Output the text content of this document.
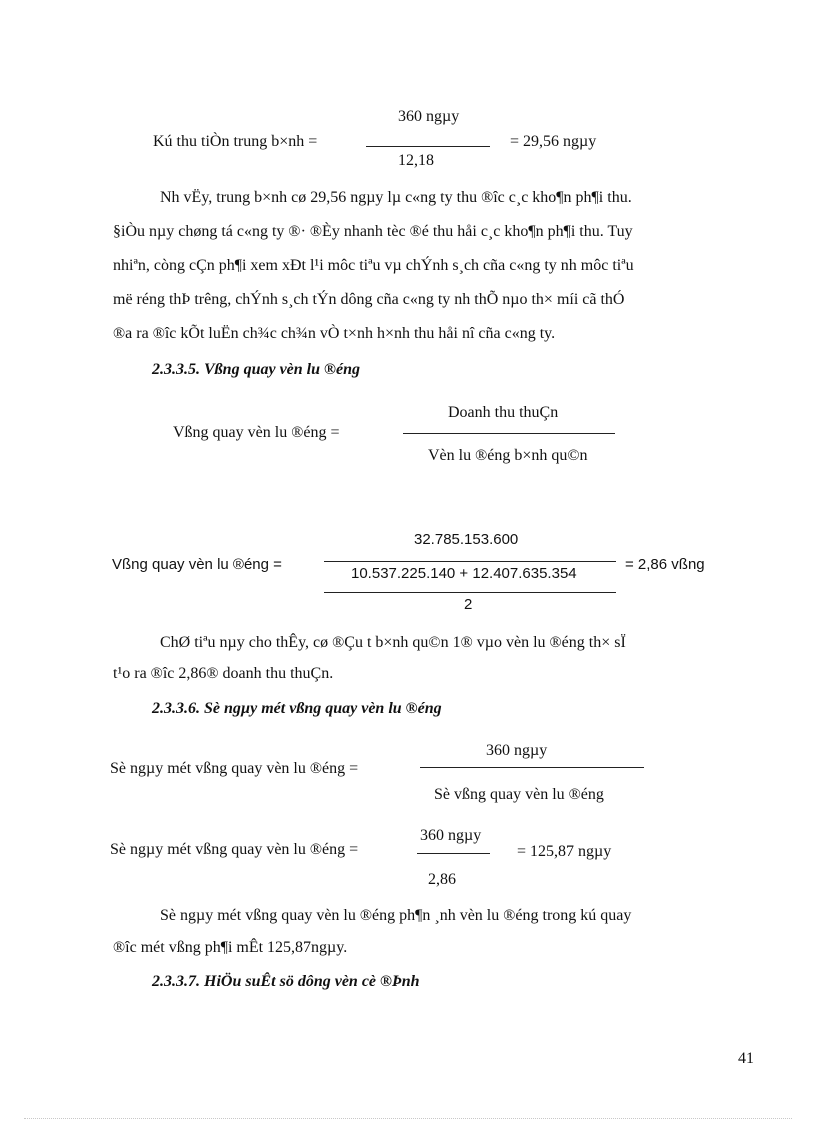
360 ngµy
Kú thu tiÒn trung b×nh =	= 29,56 ngµy
12,18
Nh vËy, trung b×nh cø 29,56 ngµy lµ c«ng ty thu ®îc c¸c kho¶n ph¶i thu.
§iÒu nµy chøng tá c«ng ty ®· ®Èy nhanh tèc ®é thu håi c¸c kho¶n ph¶i thu. Tuy
nhiªn, còng cÇn ph¶i xem xÐt l¹i môc tiªu vµ chÝnh s¸ch cña c«ng ty nh môc tiªu
më réng thÞ trêng, chÝnh s¸ch tÝn dông cña c«ng ty nh thÕ nµo th× míi cã thÓ
®a ra ®îc kÕt luËn ch¾c ch¾n vÒ t×nh h×nh thu håi nî cña c«ng ty.
2.3.3.5. Vßng quay vèn lu ®éng
Doanh thu thuÇn
Vßng quay vèn lu ®éng =
Vèn lu ®éng b×nh qu©n
32.785.153.600
Vßng quay vèn lu ®éng =	= 2,86 vßng
10.537.225.140 + 12.407.635.354
2
ChØ tiªu nµy cho thÊy, cø ®Çu t b×nh qu©n 1® vµo vèn lu ®éng th× sÏ
t¹o ra ®îc 2,86® doanh thu thuÇn.
2.3.3.6. Sè ngµy mét vßng quay vèn lu ®éng
360 ngµy
Sè ngµy mét vßng quay vèn lu ®éng =
Sè vßng quay vèn lu ®éng
360 ngµy
Sè ngµy mét vßng quay vèn lu ®éng =	= 125,87 ngµy
2,86
Sè ngµy mét vßng quay vèn lu ®éng ph¶n ¸nh vèn lu ®éng trong kú quay
®îc mét vßng ph¶i mÊt 125,87ngµy.
2.3.3.7. HiÖu suÊt sö dông vèn cè ®Þnh
41
